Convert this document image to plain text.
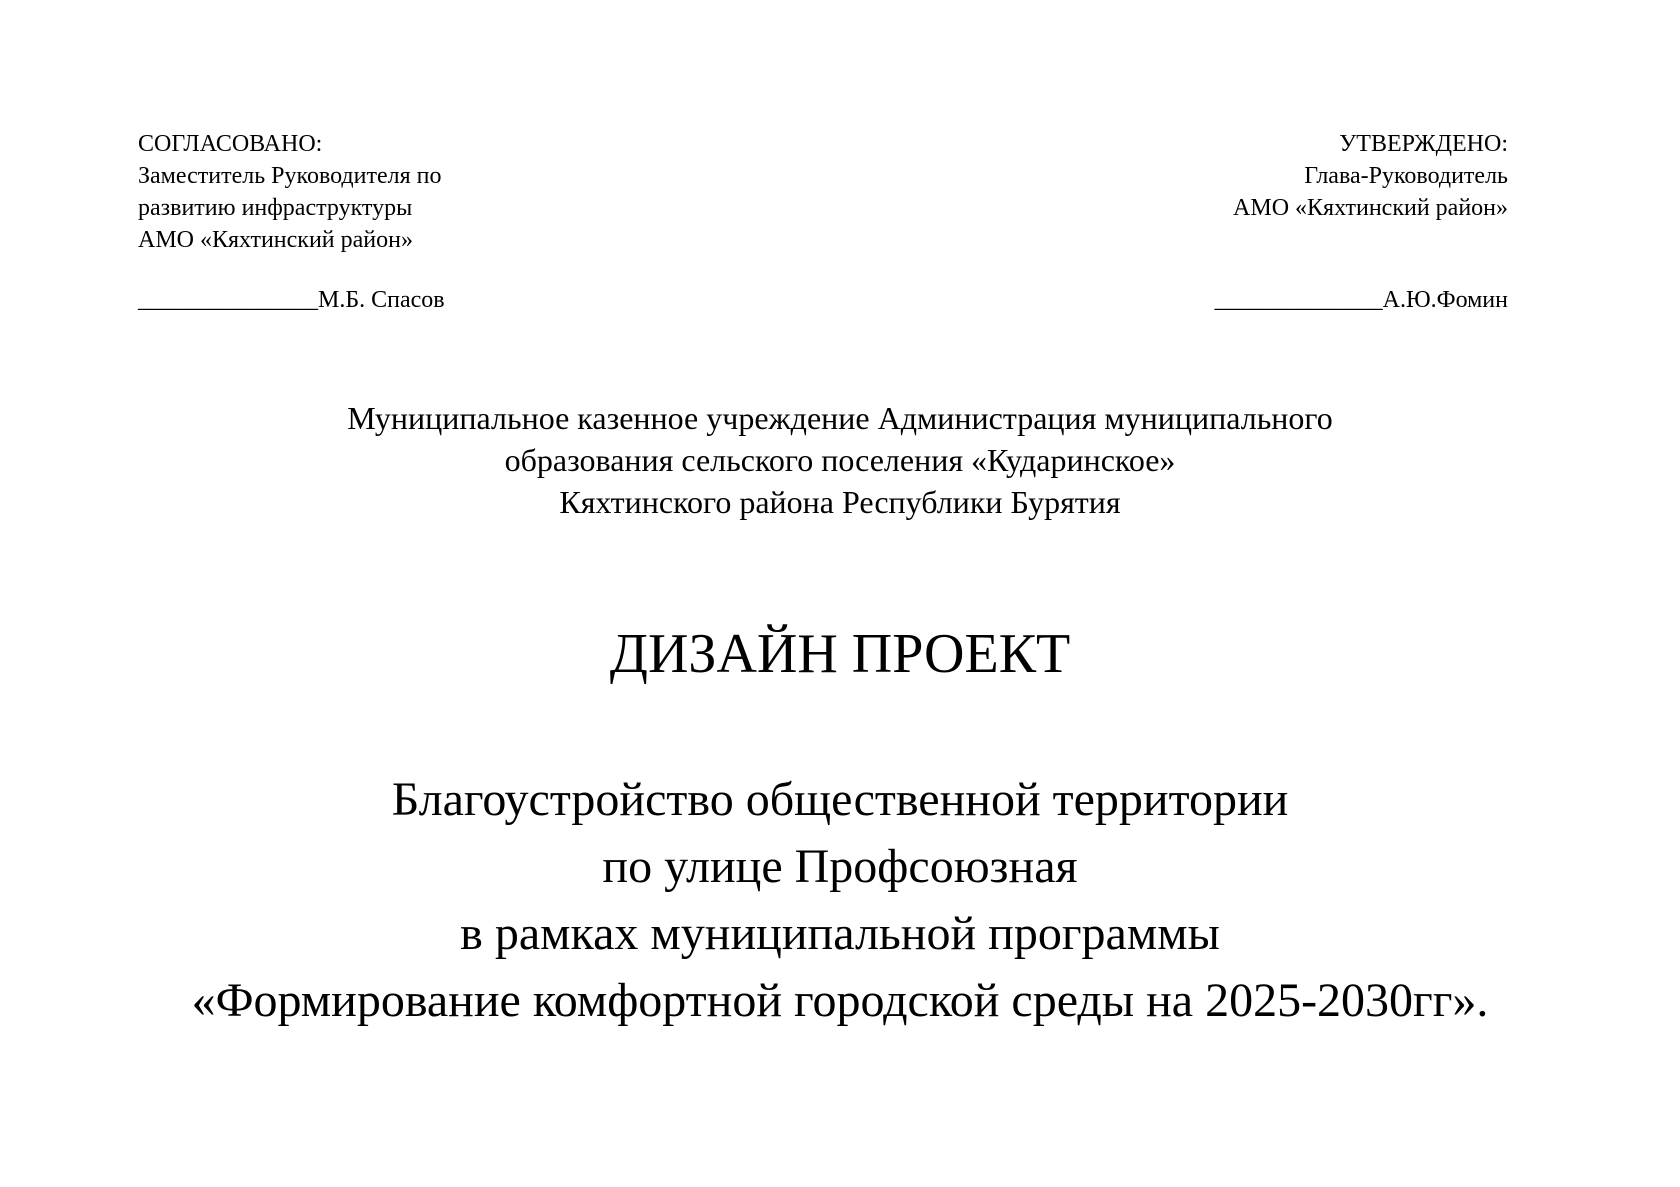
СОГЛАСОВАНО:
Заместитель Руководителя по
развитию инфраструктуры
АМО «Кяхтинский район»
_______________М.Б. Спасов
УТВЕРЖДЕНО:
Глава-Руководитель
АМО «Кяхтинский район»
______________А.Ю.Фомин
Муниципальное казенное учреждение Администрация муниципального
образования сельского поселения «Кударинское»
Кяхтинского района Республики Бурятия
ДИЗАЙН ПРОЕКТ
Благоустройство общественной территории
по улице Профсоюзная
в рамках муниципальной программы
«Формирование комфортной городской среды на 2025-2030гг».
